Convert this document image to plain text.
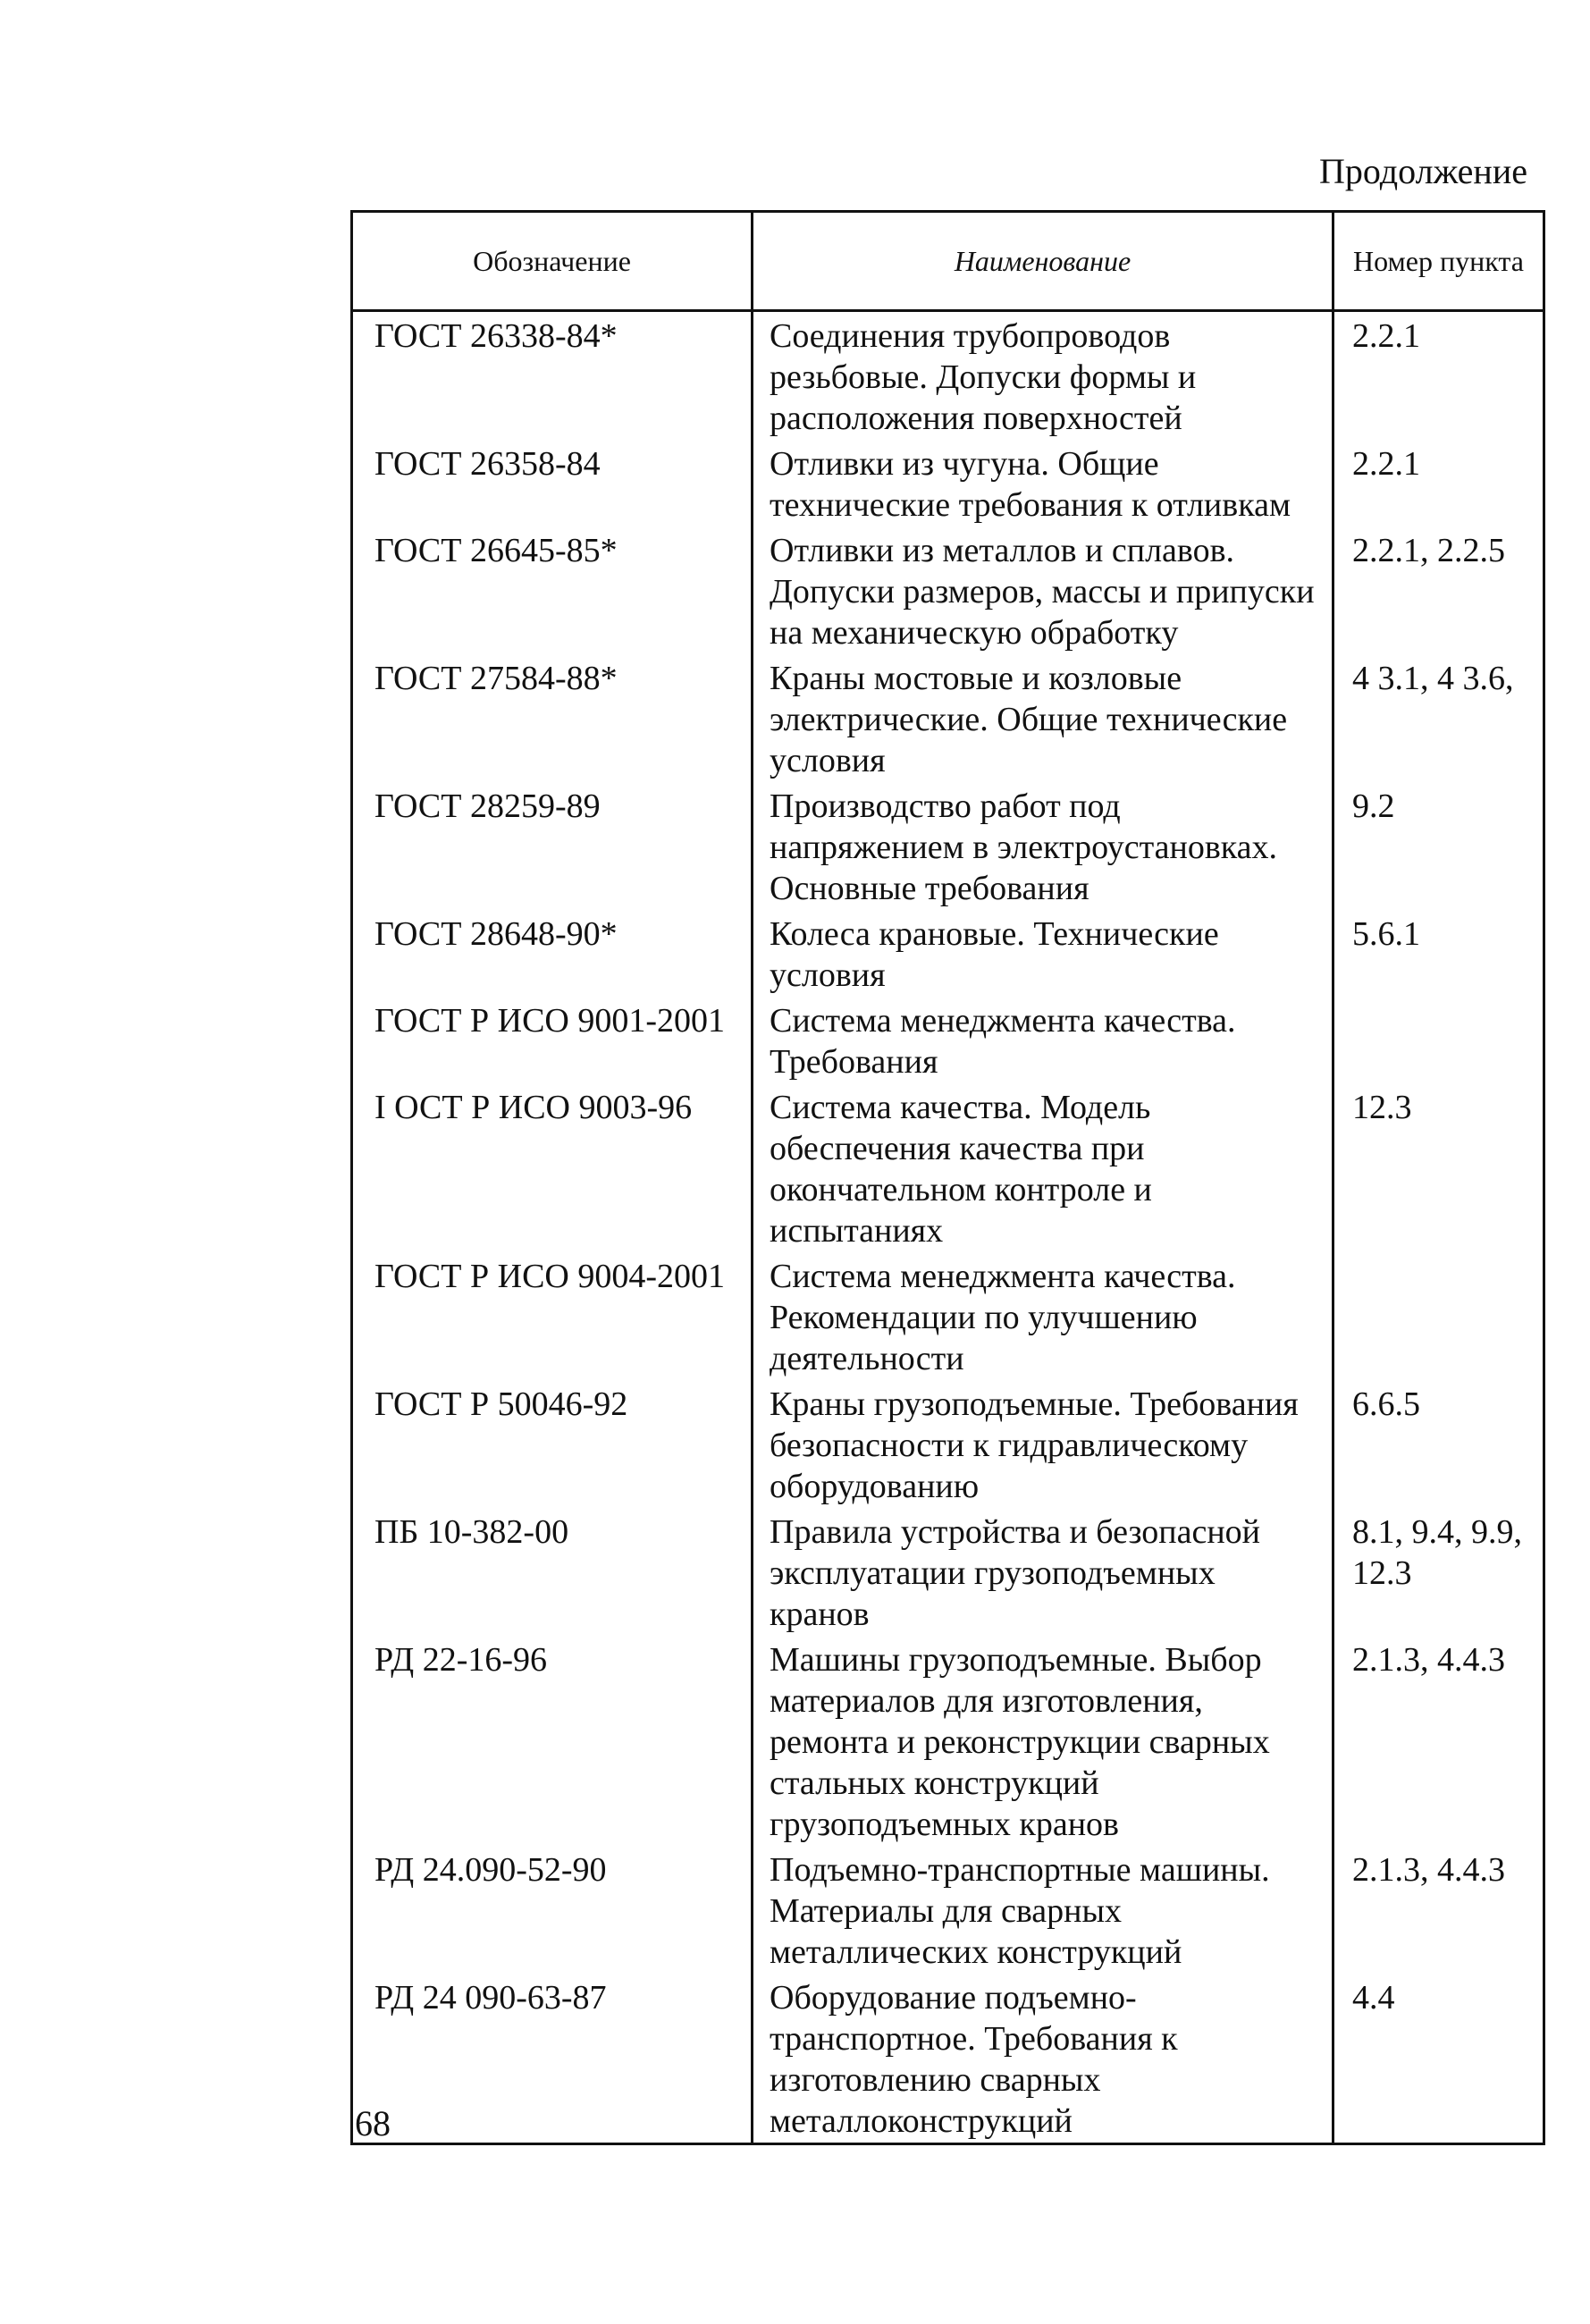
Продолжение
Обозначение	Наименование	Номер пункта
ГОСТ 26338-84*	Соединения трубопроводов резьбовые. Допуски формы и расположения поверхностей	2.2.1
ГОСТ 26358-84	Отливки из чугуна. Общие технические требования к отливкам	2.2.1
ГОСТ 26645-85*	Отливки из металлов и сплавов. Допуски размеров, массы и припуски на механическую обработку	2.2.1, 2.2.5
ГОСТ 27584-88*	Краны мостовые и козловые электрические. Общие технические условия	4 3.1, 4 3.6,
ГОСТ 28259-89	Производство работ под напряжением в электроустановках. Основные требования	9.2
ГОСТ 28648-90*	Колеса крановые. Технические условия	5.6.1
ГОСТ Р ИСО 9001-2001	Система менеджмента качества. Требования	
I ОСТ Р ИСО 9003-96	Система качества. Модель обеспечения качества при окончательном контроле и испытаниях	12.3
ГОСТ Р ИСО 9004-2001	Система менеджмента качества. Рекомендации по улучшению деятельности	
ГОСТ Р 50046-92	Краны грузоподъемные. Требования безопасности к гидравлическому оборудованию	6.6.5
ПБ 10-382-00	Правила устройства и безопасной эксплуатации грузоподъемных кранов	8.1, 9.4, 9.9, 12.3
РД 22-16-96	Машины грузоподъемные. Выбор материалов для изготовления, ремонта и реконструкции сварных стальных конструкций грузоподъемных кранов	2.1.3, 4.4.3
РД 24.090-52-90	Подъемно-транспортные машины. Материалы для сварных металлических конструкций	2.1.3, 4.4.3
РД 24 090-63-87	Оборудование подъемно-транспортное. Требования к изготовлению сварных металлоконструкций	4.4
68
